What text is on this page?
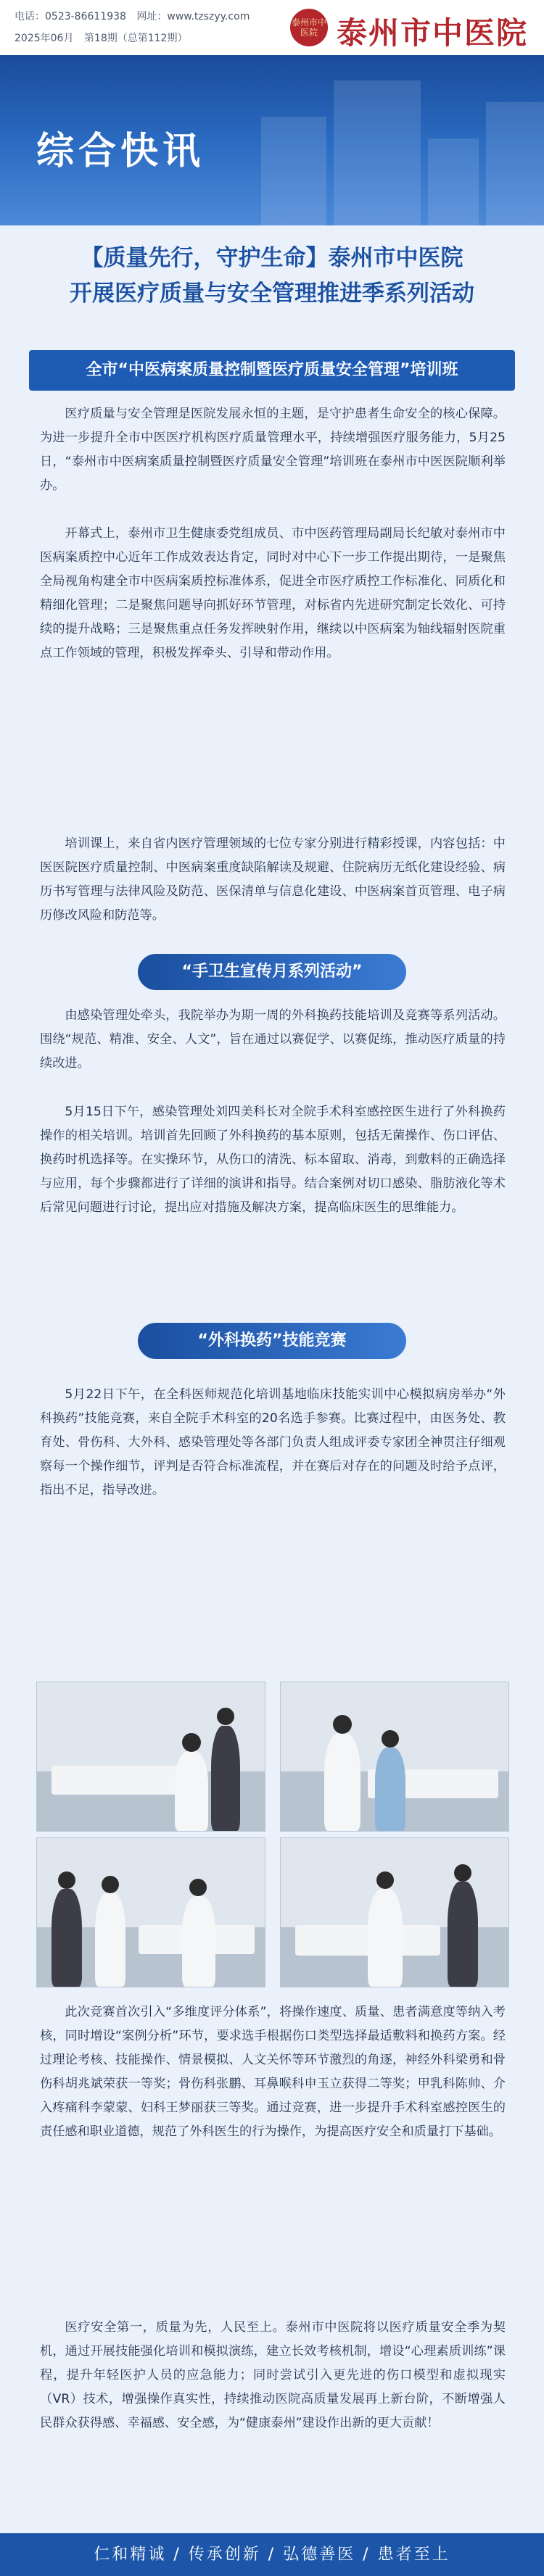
电话：0523-86611938 网址：www.tzszyy.com
2025年06月 第18期（总第112期）
泰州市中医院 泰州市中医院
综合快讯
【质量先行，守护生命】泰州市中医院
开展医疗质量与安全管理推进季系列活动
全市“中医病案质量控制暨医疗质量安全管理”培训班

医疗质量与安全管理是医院发展永恒的主题，是守护患者生命安全的核心保障。为进一步提升全市中医医疗机构医疗质量管理水平，持续增强医疗服务能力，5月25日，“泰州市中医病案质量控制暨医疗质量安全管理”培训班在泰州市中医医院顺利举办。

开幕式上，泰州市卫生健康委党组成员、市中医药管理局副局长纪敏对泰州市中医病案质控中心近年工作成效表达肯定，同时对中心下一步工作提出期待，一是聚焦全局视角构建全市中医病案质控标准体系，促进全市医疗质控工作标准化、同质化和精细化管理；二是聚焦问题导向抓好环节管理，对标省内先进研究制定长效化、可持续的提升战略；三是聚焦重点任务发挥映射作用，继续以中医病案为轴线辐射医院重点工作领域的管理，积极发挥牵头、引导和带动作用。

培训课上，来自省内医疗管理领域的七位专家分别进行精彩授课，内容包括：中医医院医疗质量控制、中医病案重度缺陷解读及规避、住院病历无纸化建设经验、病历书写管理与法律风险及防范、医保清单与信息化建设、中医病案首页管理、电子病历修改风险和防范等。

“手卫生宣传月系列活动”

由感染管理处牵头，我院举办为期一周的外科换药技能培训及竞赛等系列活动。围绕“规范、精准、安全、人文”，旨在通过以赛促学、以赛促练，推动医疗质量的持续改进。

5月15日下午，感染管理处刘四美科长对全院手术科室感控医生进行了外科换药操作的相关培训。培训首先回顾了外科换药的基本原则，包括无菌操作、伤口评估、换药时机选择等。在实操环节，从伤口的清洗、标本留取、消毒，到敷料的正确选择与应用，每个步骤都进行了详细的演讲和指导。结合案例对切口感染、脂肪液化等术后常见问题进行讨论，提出应对措施及解决方案，提高临床医生的思维能力。

“外科换药”技能竞赛

5月22日下午，在全科医师规范化培训基地临床技能实训中心模拟病房举办“外科换药”技能竞赛，来自全院手术科室的20名选手参赛。比赛过程中，由医务处、教育处、骨伤科、大外科、感染管理处等各部门负责人组成评委专家团全神贯注仔细观察每一个操作细节，评判是否符合标准流程，并在赛后对存在的问题及时给予点评，指出不足，指导改进。

此次竞赛首次引入“多维度评分体系”，将操作速度、质量、患者满意度等纳入考核，同时增设“案例分析”环节，要求选手根据伤口类型选择最适敷料和换药方案。经过理论考核、技能操作、情景模拟、人文关怀等环节激烈的角逐，神经外科梁勇和骨伤科胡兆斌荣获一等奖；骨伤科张鹏、耳鼻喉科申玉立获得二等奖；甲乳科陈帅、介入疼痛科李蒙蒙、妇科王梦丽获三等奖。通过竞赛，进一步提升手术科室感控医生的责任感和职业道德，规范了外科医生的行为操作，为提高医疗安全和质量打下基础。

医疗安全第一，质量为先，人民至上。泰州市中医院将以医疗质量安全季为契机，通过开展技能强化培训和模拟演练，建立长效考核机制，增设“心理素质训练”课程，提升年轻医护人员的应急能力；同时尝试引入更先进的伤口模型和虚拟现实（VR）技术，增强操作真实性，持续推动医院高质量发展再上新台阶，不断增强人民群众获得感、幸福感、安全感，为“健康泰州”建设作出新的更大贡献！

仁和精诚 / 传承创新 / 弘德善医 / 患者至上
